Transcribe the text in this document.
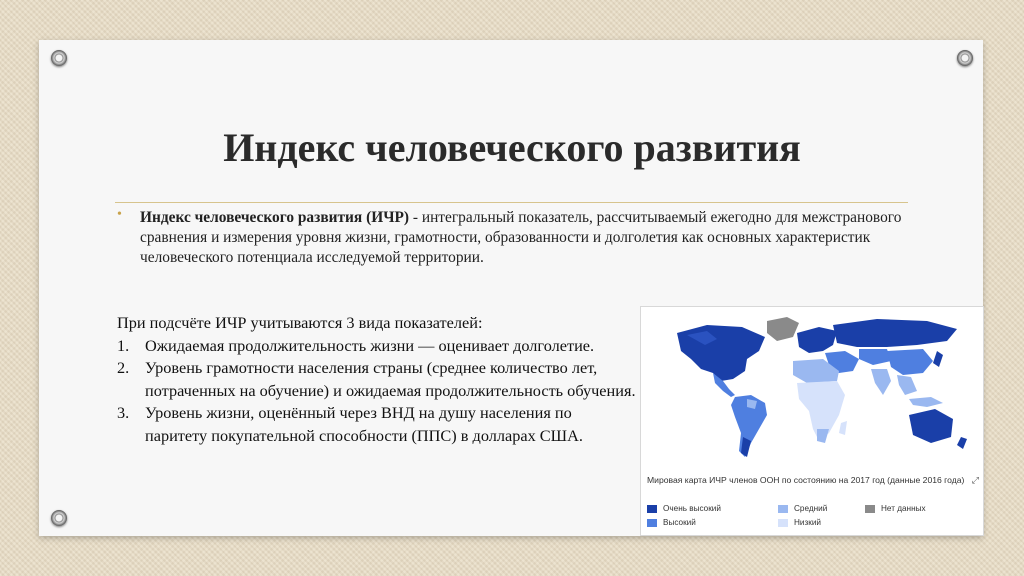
Индекс человеческого развития
• Индекс человеческого развития (ИЧР) - интегральный показатель, рассчитываемый ежегодно для межстранового сравнения и измерения уровня жизни, грамотности, образованности и долголетия как основных характеристик человеческого потенциала исследуемой территории.
При подсчёте ИЧР учитываются 3 вида показателей:
1. Ожидаемая продолжительность жизни — оценивает долголетие.
2. Уровень грамотности населения страны (среднее количество лет, потраченных на обучение) и ожидаемая продолжительность обучения.
3. Уровень жизни, оценённый через ВНД на душу населения по паритету покупательной способности (ППС) в долларах США.
Мировая карта ИЧР членов ООН по состоянию на 2017 год (данные 2016 года) ⤢
Очень высокий
Высокий
Средний
Низкий
Нет данных
